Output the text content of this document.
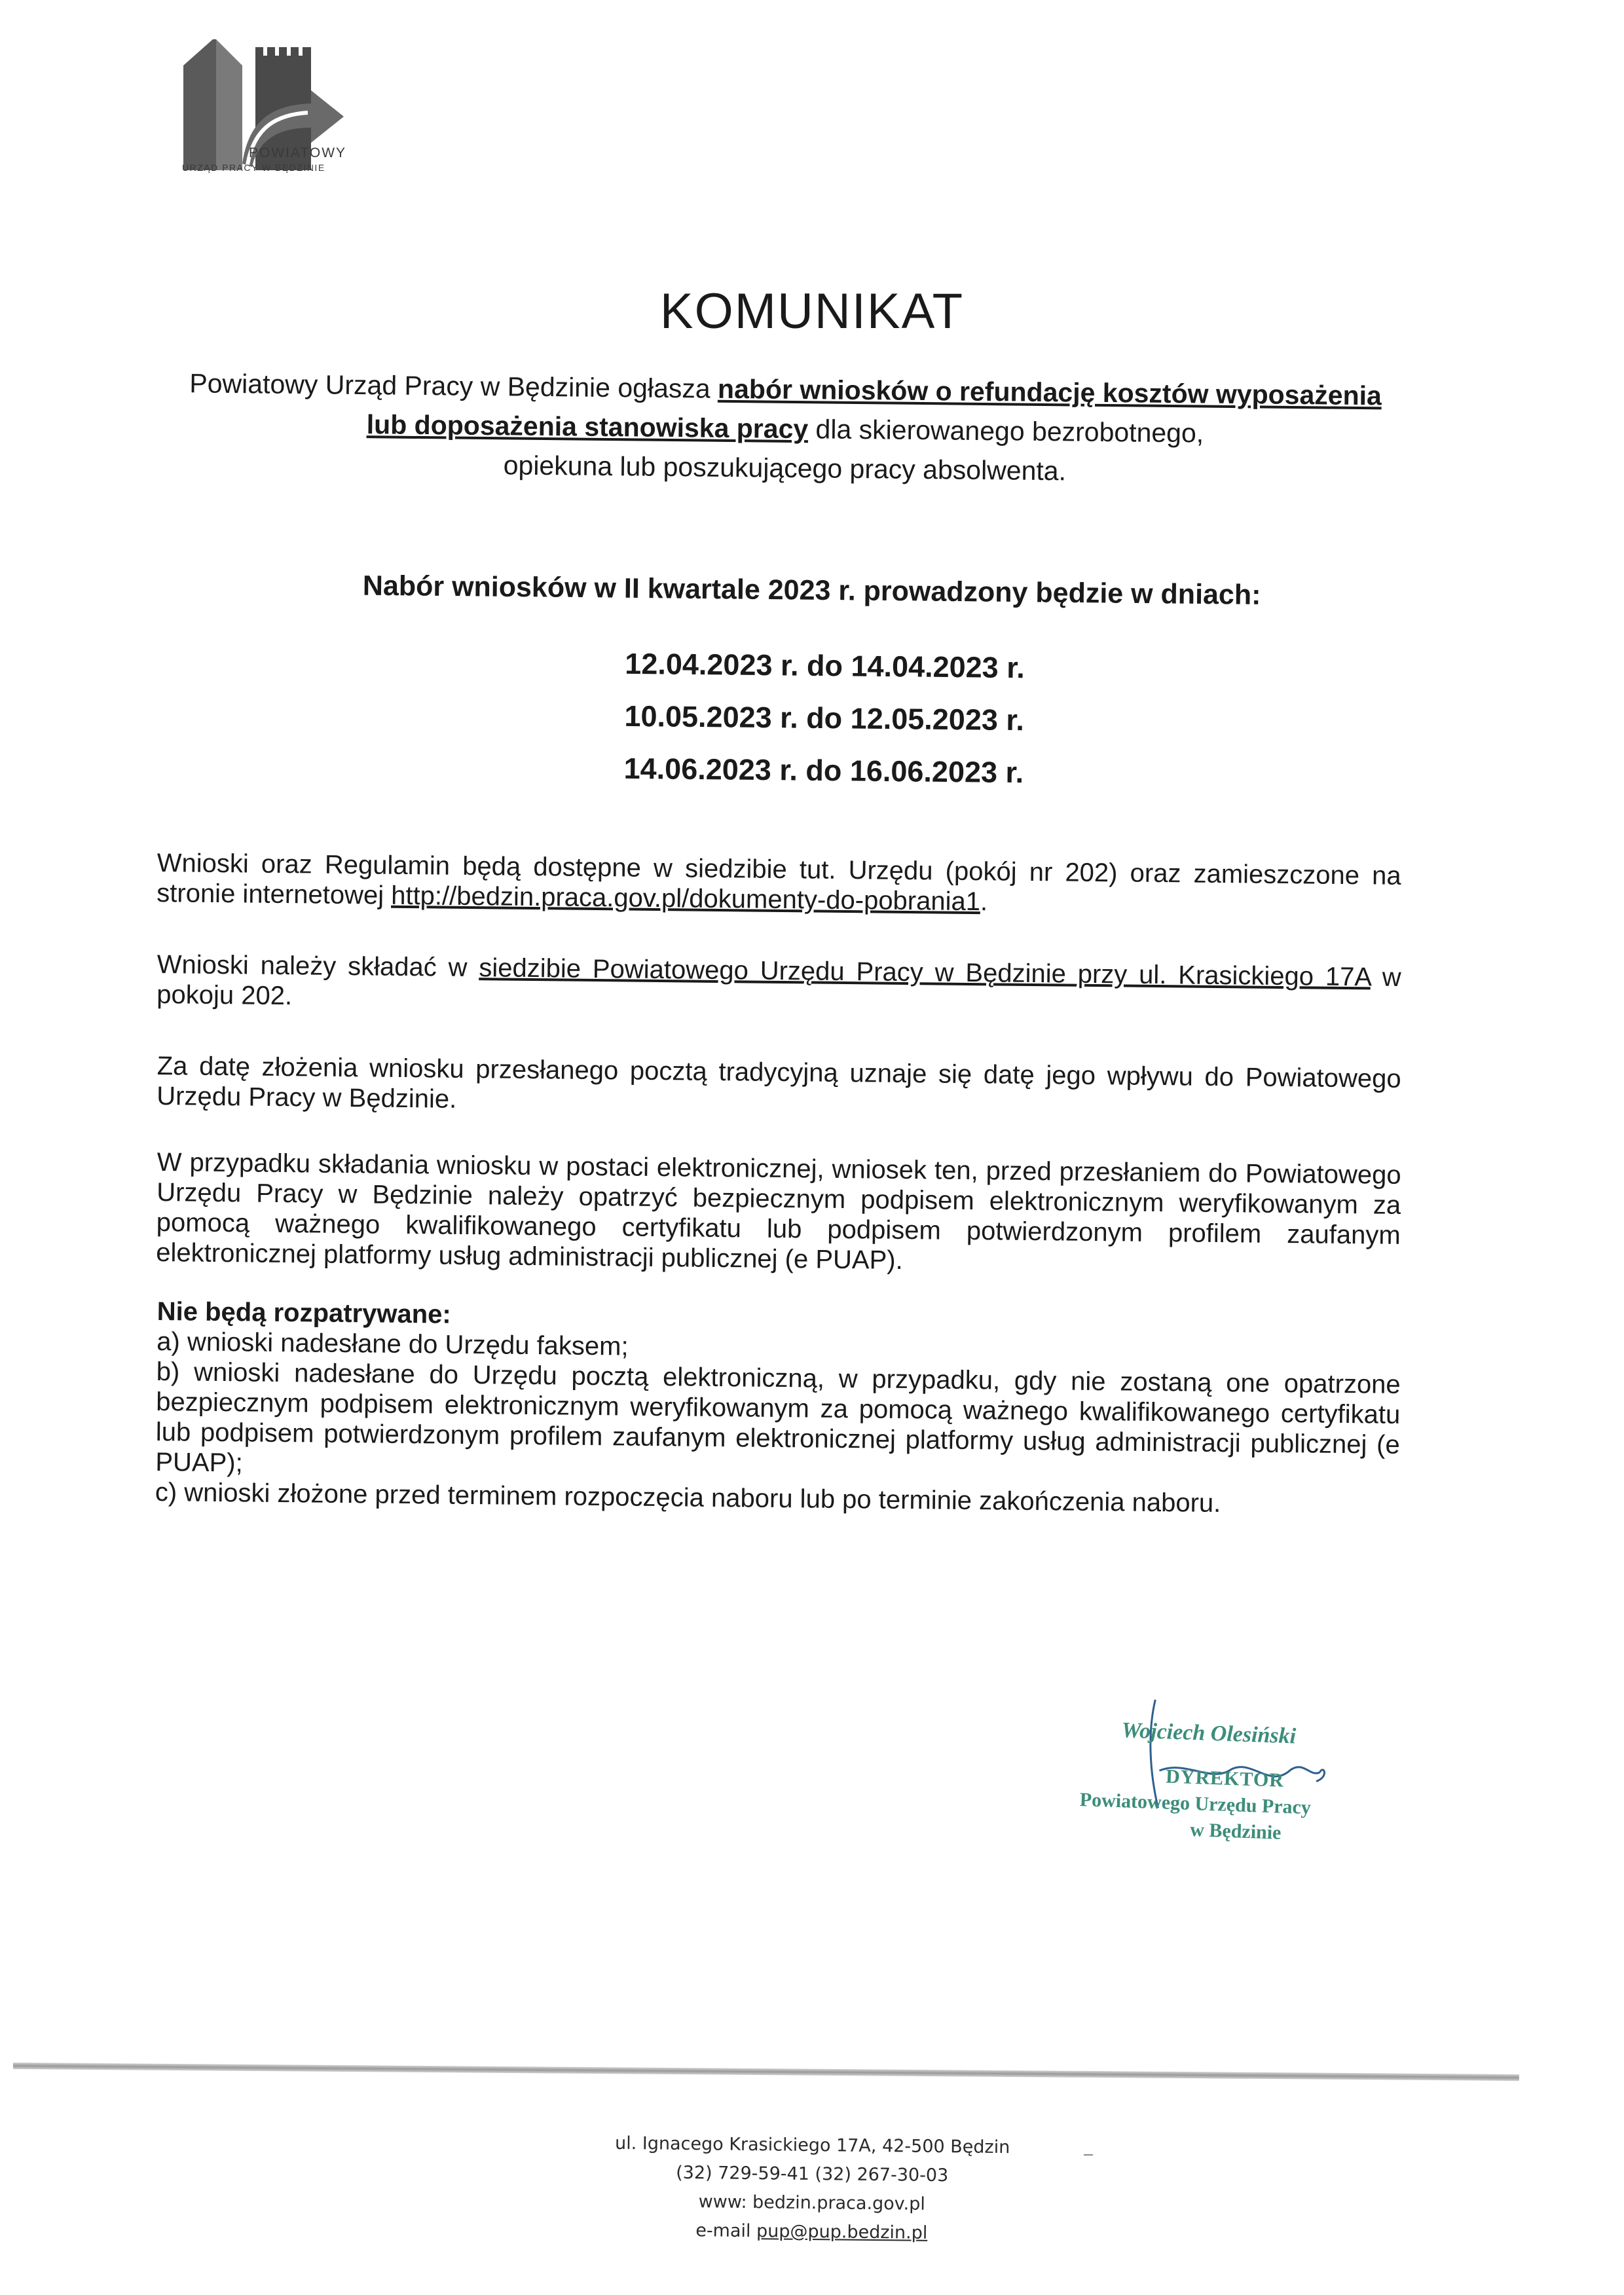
POWIATOWY
URZĄD PRACY W BĘDZINIE
KOMUNIKAT
Powiatowy Urząd Pracy w Będzinie ogłasza nabór wniosków o refundację kosztów wyposażenia
lub doposażenia stanowiska pracy dla skierowanego bezrobotnego,
opiekuna lub poszukującego pracy absolwenta.
Nabór wniosków w II kwartale 2023 r. prowadzony będzie w dniach:
12.04.2023 r. do 14.04.2023 r.
10.05.2023 r. do 12.05.2023 r.
14.06.2023 r. do 16.06.2023 r.
Wnioski oraz Regulamin będą dostępne w siedzibie tut. Urzędu (pokój nr 202) oraz zamieszczone na stronie internetowej http://bedzin.praca.gov.pl/dokumenty-do-pobrania1.
Wnioski należy składać w siedzibie Powiatowego Urzędu Pracy w Będzinie przy ul. Krasickiego 17A w pokoju 202.
Za datę złożenia wniosku przesłanego pocztą tradycyjną uznaje się datę jego wpływu do Powiatowego Urzędu Pracy w Będzinie.
W przypadku składania wniosku w postaci elektronicznej, wniosek ten, przed przesłaniem do Powiatowego Urzędu Pracy w Będzinie należy opatrzyć bezpiecznym podpisem elektronicznym weryfikowanym za pomocą ważnego kwalifikowanego certyfikatu lub podpisem potwierdzonym profilem zaufanym elektronicznej platformy usług administracji publicznej (e PUAP).
Nie będą rozpatrywane:
a) wnioski nadesłane do Urzędu faksem;
b) wnioski nadesłane do Urzędu pocztą elektroniczną, w przypadku, gdy nie zostaną one opatrzone bezpiecznym podpisem elektronicznym weryfikowanym za pomocą ważnego kwalifikowanego certyfikatu lub podpisem potwierdzonym profilem zaufanym elektronicznej platformy usług administracji publicznej (e PUAP);
c) wnioski złożone przed terminem rozpoczęcia naboru lub po terminie zakończenia naboru.
Wojciech Olesiński
DYREKTOR
Powiatowego Urzędu Pracy
w Będzinie
ul. Ignacego Krasickiego 17A, 42-500 Będzin
(32) 729-59-41 (32) 267-30-03
www: bedzin.praca.gov.pl
e-mail pup@pup.bedzin.pl
